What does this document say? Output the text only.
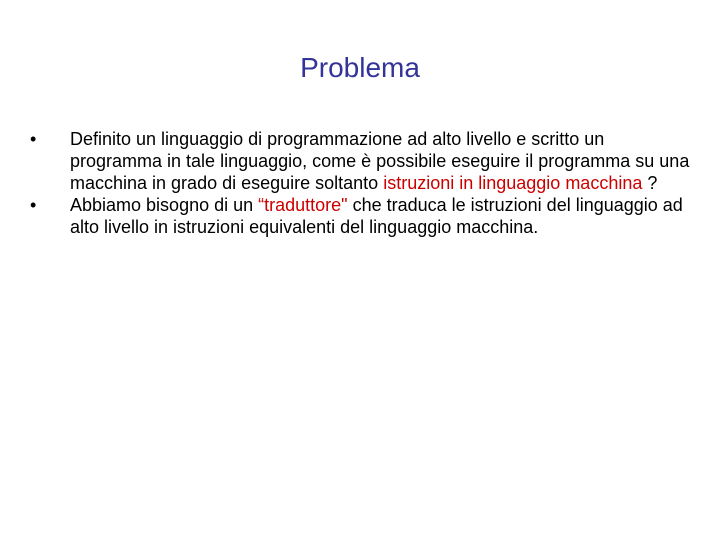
Problema
•	Definito un linguaggio di programmazione ad alto livello e scritto un programma in tale linguaggio, come è possibile eseguire il programma su una macchina in grado di eseguire soltanto istruzioni in linguaggio macchina ?
•	Abbiamo bisogno di un “traduttore" che traduca le istruzioni del linguaggio ad alto livello in istruzioni equivalenti del linguaggio macchina.
